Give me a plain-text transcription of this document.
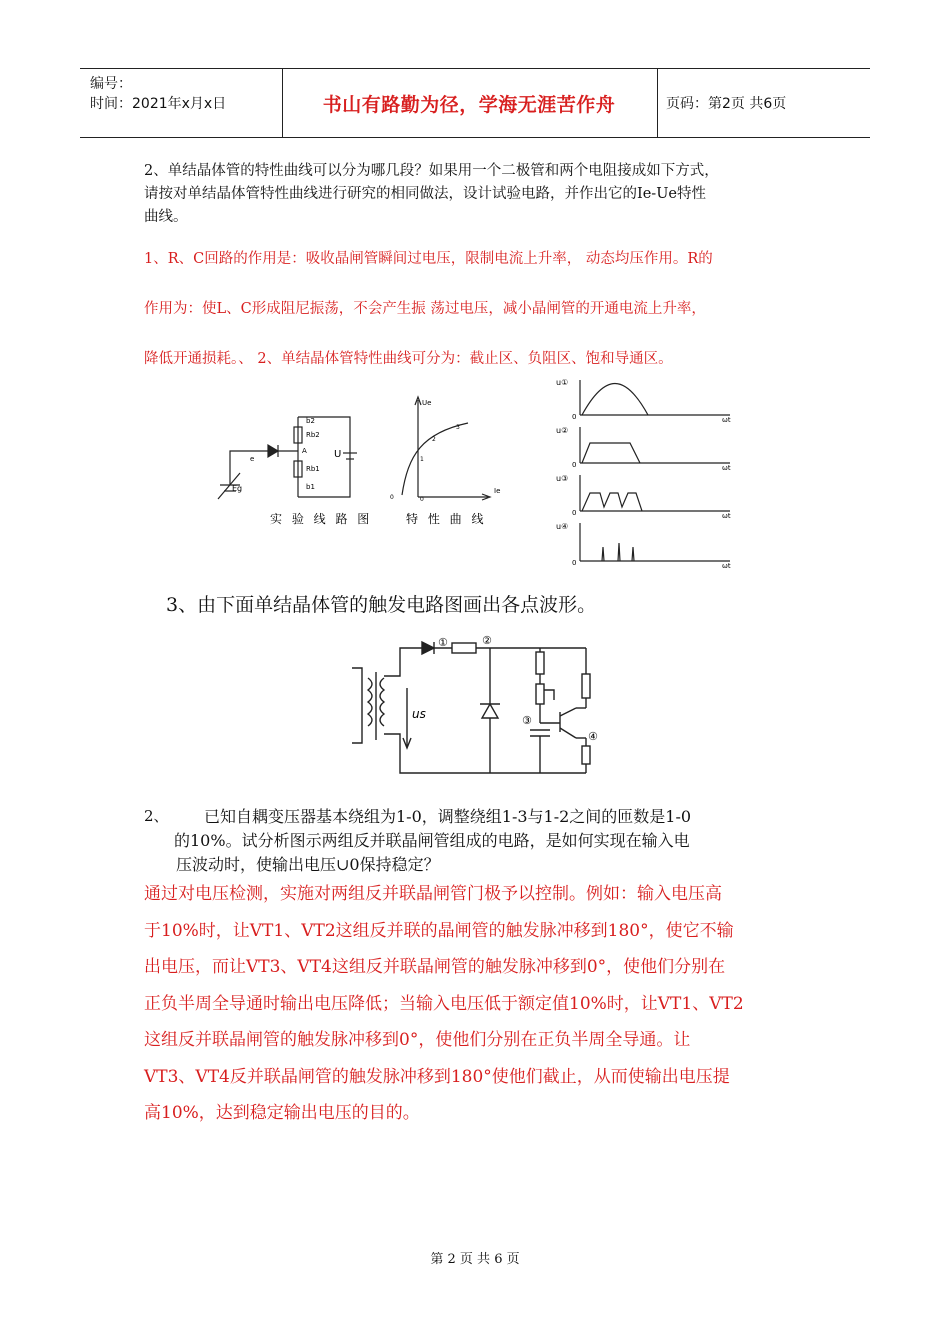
编号：
时间：2021年x月x日	书山有路勤为径，学海无涯苦作舟	页码：第2页 共6页
2、单结晶体管的特性曲线可以分为哪几段？如果用一个二极管和两个电阻接成如下方式，
请按对单结晶体管特性曲线进行研究的相同做法，设计试验电路，并作出它的Ie-Ue特性
曲线。
1、R、C回路的作用是：吸收晶闸管瞬间过电压，限制电流上升率， 动态均压作用。R的
作用为：使L、C形成阻尼振荡，不会产生振 荡过电压，减小晶闸管的开通电流上升率，
降低开通损耗。、 2、单结晶体管特性曲线可分为：截止区、负阻区、饱和导通区。
b2
Rb2
A
Rb1
b1
e
Eg
U
实 验 线 路 图
Ue
Ie
1
2
3
0	0
特 性 曲 线
u①
u②
u③
u④
ωt
ωt
ωt
ωt
0
0
0
0
3、由下面单结晶体管的触发电路图画出各点波形。
①	②
③
④
us
2、	已知自耦变压器基本绕组为1-0，调整绕组1-3与1-2之间的匝数是1-0
的10%。试分析图示两组反并联晶闸管组成的电路，是如何实现在输入电
压波动时，使输出电压∪0保持稳定？
通过对电压检测，实施对两组反并联晶闸管门极予以控制。例如：输入电压高
于10%时，让VT1、VT2这组反并联的晶闸管的触发脉冲移到180°，使它不输
出电压，而让VT3、VT4这组反并联晶闸管的触发脉冲移到0°，使他们分别在
正负半周全导通时输出电压降低；当输入电压低于额定值10%时，让VT1、VT2
这组反并联晶闸管的触发脉冲移到0°，使他们分别在正负半周全导通。让
VT3、VT4反并联晶闸管的触发脉冲移到180°使他们截止，从而使输出电压提
高10%，达到稳定输出电压的目的。
第 2 页 共 6 页
